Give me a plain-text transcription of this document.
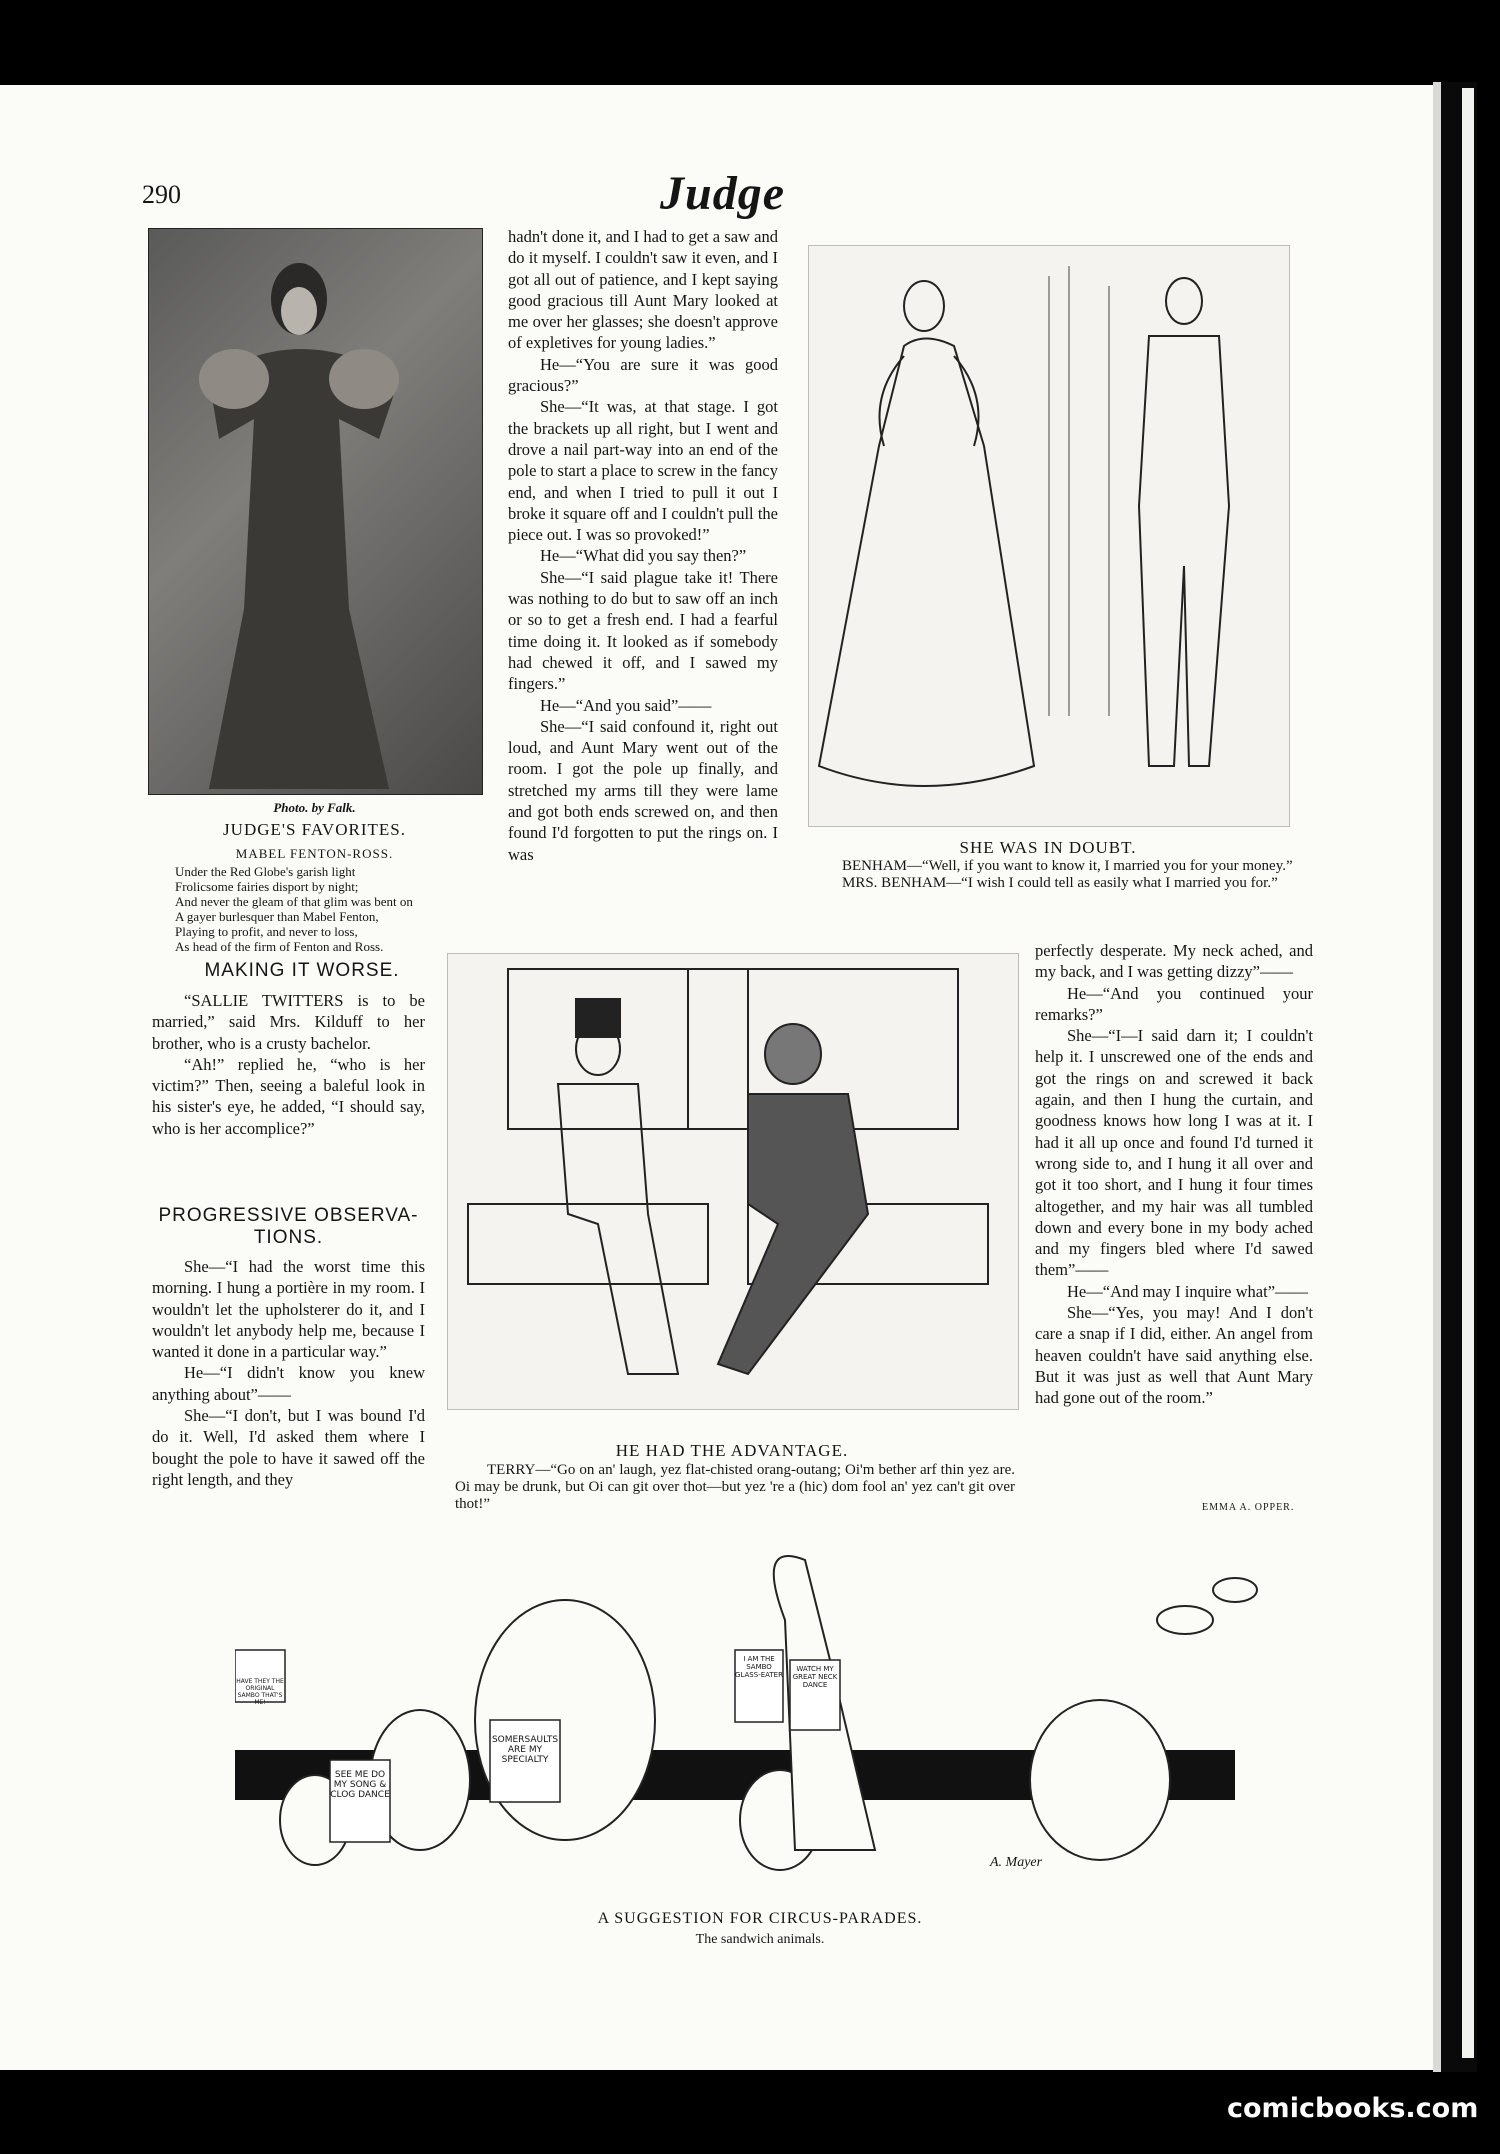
290	Judge
Photo. by Falk.
JUDGE'S FAVORITES.
MABEL FENTON-ROSS.
Under the Red Globe's garish light
Frolicsome fairies disport by night;
And never the gleam of that glim was bent on
A gayer burlesquer than Mabel Fenton,
Playing to profit, and never to loss,
As head of the firm of Fenton and Ross.
MAKING IT WORSE.

“SALLIE TWITTERS is to be married,” said Mrs. Kilduff to her brother, who is a crusty bachelor.

“Ah!” replied he, “who is her victim?” Then, seeing a baleful look in his sister's eye, he added, “I should say, who is her accomplice?”

PROGRESSIVE OBSERVA-TIONS.

She—“I had the worst time this morning. I hung a portière in my room. I wouldn't let the upholsterer do it, and I wouldn't let anybody help me, because I wanted it done in a particular way.”

He—“I didn't know you knew anything about”——

She—“I don't, but I was bound I'd do it. Well, I'd asked them where I bought the pole to have it sawed off the right length, and they

hadn't done it, and I had to get a saw and do it myself. I couldn't saw it even, and I got all out of patience, and I kept saying good gracious till Aunt Mary looked at me over her glasses; she doesn't approve of expletives for young ladies.”

He—“You are sure it was good gracious?”

She—“It was, at that stage. I got the brackets up all right, but I went and drove a nail part-way into an end of the pole to start a place to screw in the fancy end, and when I tried to pull it out I broke it square off and I couldn't pull the piece out. I was so provoked!”

He—“What did you say then?”

She—“I said plague take it! There was nothing to do but to saw off an inch or so to get a fresh end. I had a fearful time doing it. It looked as if somebody had chewed it off, and I sawed my fingers.”

He—“And you said”——

She—“I said confound it, right out loud, and Aunt Mary went out of the room. I got the pole up finally, and stretched my arms till they were lame and got both ends screwed on, and then found I'd forgotten to put the rings on. I was	SHE WAS IN DOUBT.

BENHAM—“Well, if you want to know it, I married you for your money.”

MRS. BENHAM—“I wish I could tell as easily what I married you for.”

HE HAD THE ADVANTAGE.
TERRY—“Go on an' laugh, yez flat-chisted orang-outang; Oi'm bether arf thin yez are. Oi may be drunk, but Oi can git over thot—but yez 're a (hic) dom fool an' yez can't git over thot!”

perfectly desperate. My neck ached, and my back, and I was getting dizzy”——

He—“And you continued your remarks?”

She—“I—I said darn it; I couldn't help it. I unscrewed one of the ends and got the rings on and screwed it back again, and then I hung the curtain, and goodness knows how long I was at it. I had it all up once and found I'd turned it wrong side to, and I hung it all over and got it too short, and I hung it four times altogether, and my hair was all tumbled down and every bone in my body ached and my fingers bled where I'd sawed them”——

He—“And may I inquire what”——

She—“Yes, you may! And I don't care a snap if I did, either. An angel from heaven couldn't have said anything else. But it was just as well that Aunt Mary had gone out of the room.”

EMMA A. OPPER.
HAVE THEY THE ORIGINAL SAMBO THAT'S ME!
SEE ME DO MY SONG & CLOG DANCE
SOMERSAULTS ARE MY SPECIALTY
I AM THE SAMBO GLASS-EATER
WATCH MY GREAT NECK DANCE
A. Mayer
A SUGGESTION FOR CIRCUS-PARADES.
The sandwich animals.
comicbooks.com
